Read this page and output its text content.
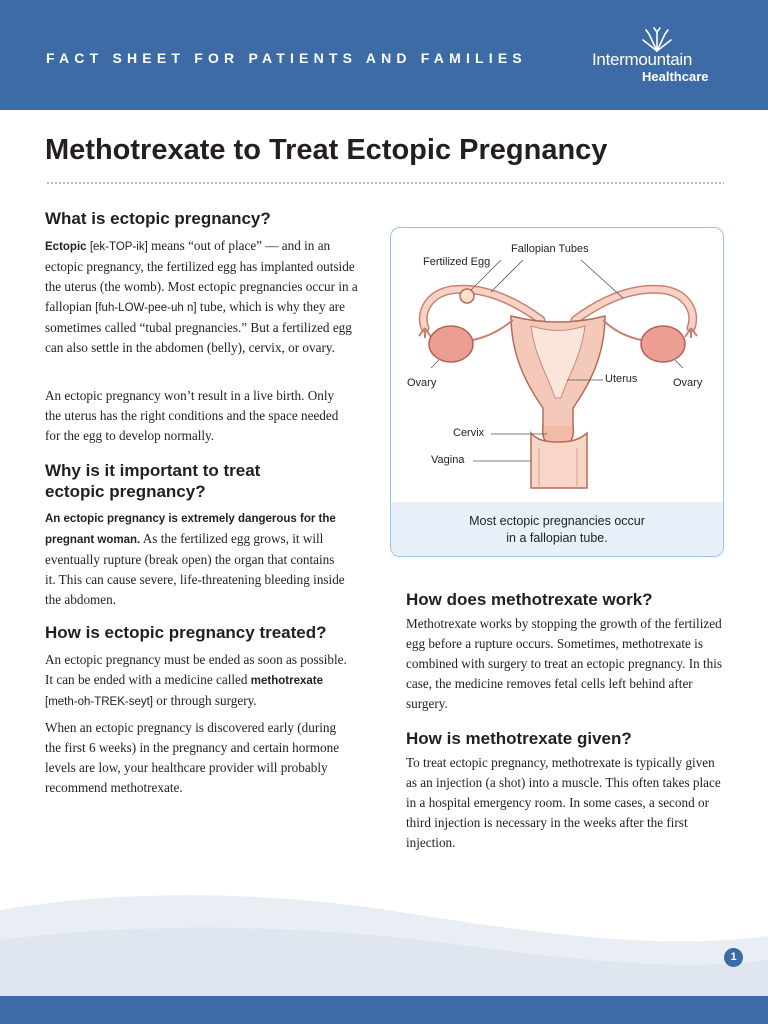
FACT SHEET FOR PATIENTS AND FAMILIES	Intermountain
Healthcare
Methotrexate to Treat Ectopic Pregnancy
What is ectopic pregnancy?
Ectopic [ek-TOP-ik] means “out of place” — and in an ectopic pregnancy, the fertilized egg has implanted outside the uterus (the womb). Most ectopic pregnancies occur in a fallopian [fuh-LOW-pee-uh n] tube, which is why they are sometimes called “tubal pregnancies.” But a fertilized egg can also settle in the abdomen (belly), cervix, or ovary.
An ectopic pregnancy won’t result in a live birth. Only the uterus has the right conditions and the space needed for the egg to develop normally.
Why is it important to treat
ectopic pregnancy?
An ectopic pregnancy is extremely dangerous for the pregnant woman. As the fertilized egg grows, it will eventually rupture (break open) the organ that contains it. This can cause severe, life-threatening bleeding inside the abdomen.
How is ectopic pregnancy treated?
An ectopic pregnancy must be ended as soon as possible. It can be ended with a medicine called methotrexate [meth-oh-TREK-seyt] or through surgery.
When an ectopic pregnancy is discovered early (during the first 6 weeks) in the pregnancy and certain hormone levels are low, your healthcare provider will probably recommend methotrexate.
Fallopian Tubes
Fertilized Egg
Ovary	Ovary
Uterus
Cervix
Vagina
Most ectopic pregnancies occur
in a fallopian tube.
How does methotrexate work?
Methotrexate works by stopping the growth of the fertilized egg before a rupture occurs. Sometimes, methotrexate is combined with surgery to treat an ectopic pregnancy. In this case, the medicine removes fetal cells left behind after surgery.
How is methotrexate given?
To treat ectopic pregnancy, methotrexate is typically given as an injection (a shot) into a muscle. This often takes place in a hospital emergency room. In some cases, a second or third injection is necessary in the weeks after the first injection.
1
